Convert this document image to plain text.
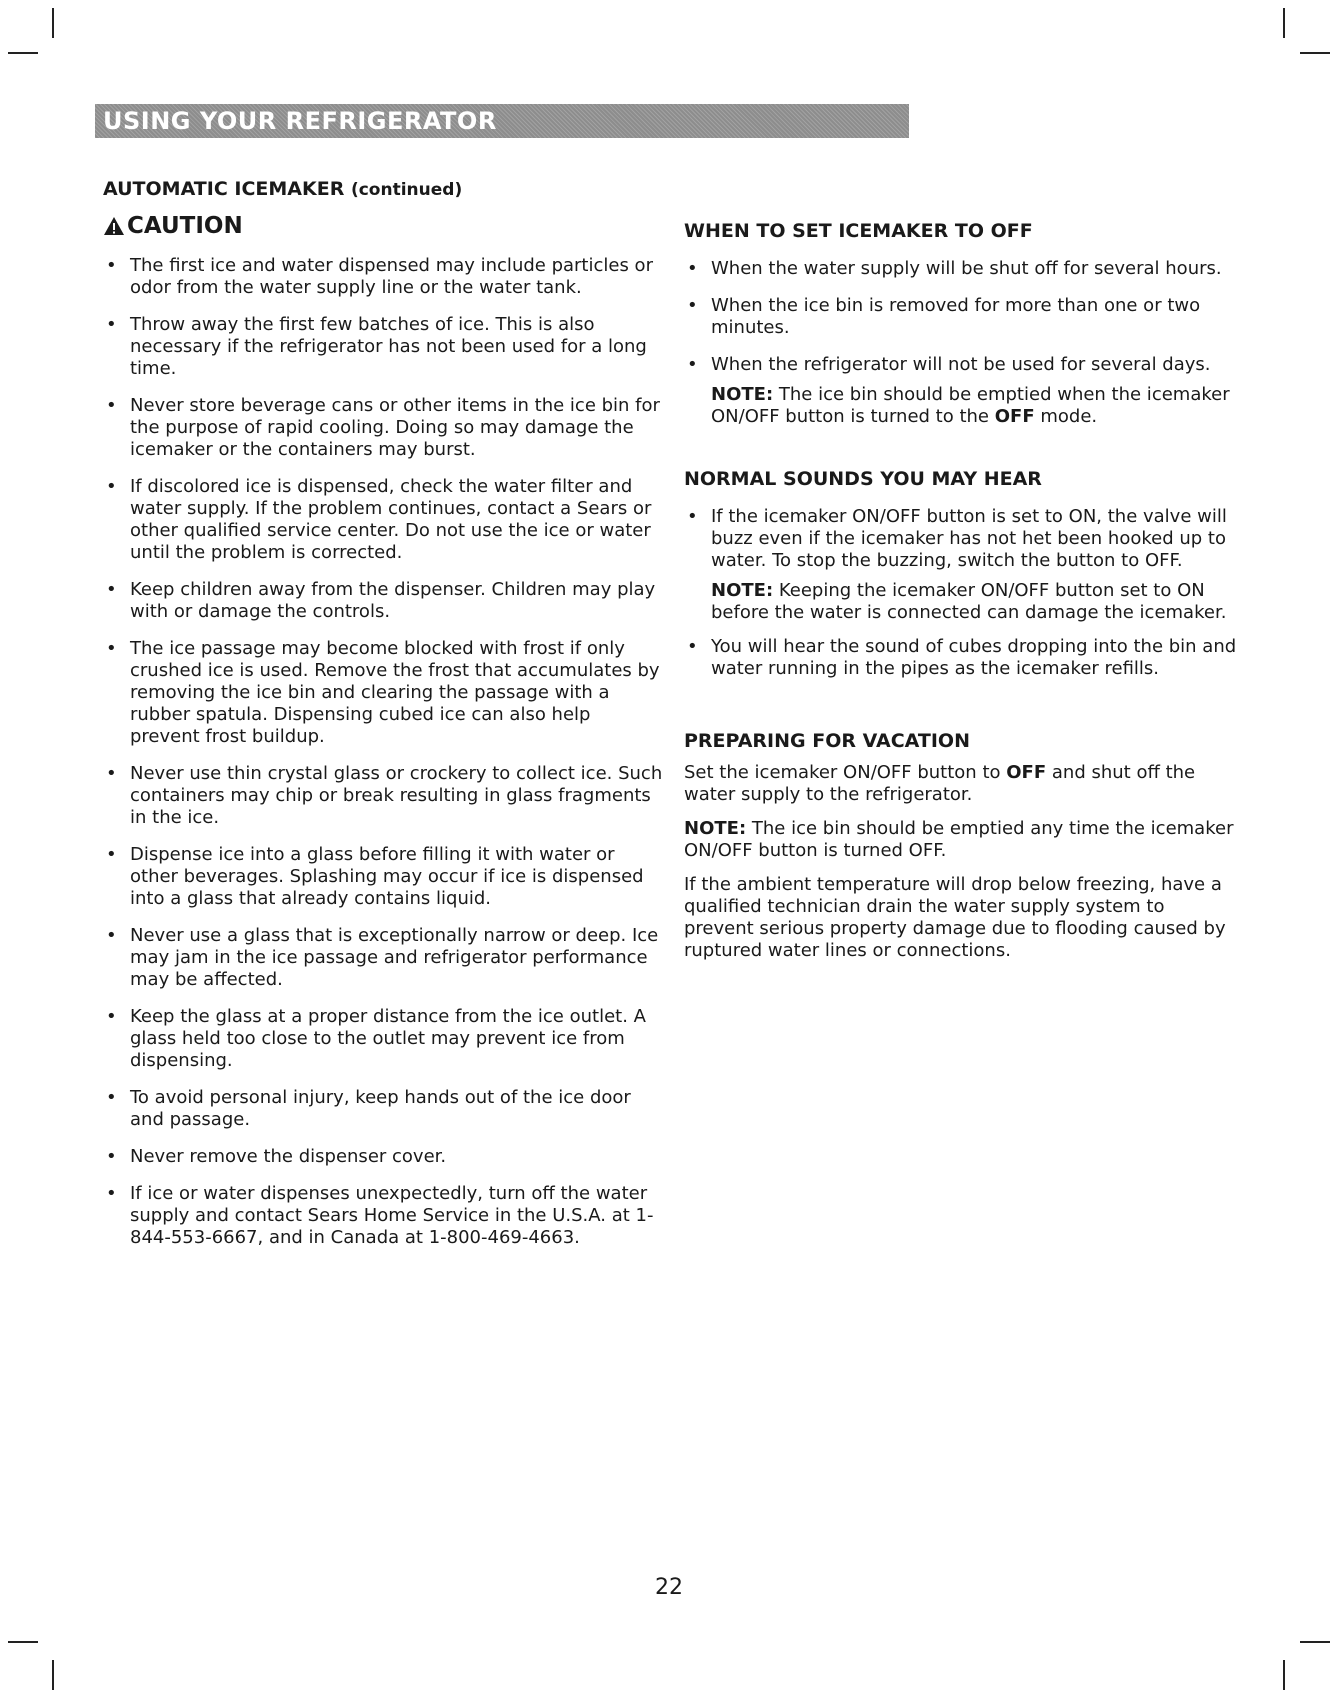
USING YOUR REFRIGERATOR
AUTOMATIC ICEMAKER (continued)
CAUTION
• The first ice and water dispensed may include particles or odor from the water supply line or the water tank.
• Throw away the first few batches of ice. This is also necessary if the refrigerator has not been used for a long time.
• Never store beverage cans or other items in the ice bin for the purpose of rapid cooling. Doing so may damage the icemaker or the containers may burst.
• If discolored ice is dispensed, check the water filter and water supply. If the problem continues, contact a Sears or other qualified service center. Do not use the ice or water until the problem is corrected.
• Keep children away from the dispenser. Children may play with or damage the controls.
• The ice passage may become blocked with frost if only crushed ice is used. Remove the frost that accumulates by removing the ice bin and clearing the passage with a rubber spatula. Dispensing cubed ice can also help prevent frost buildup.
• Never use thin crystal glass or crockery to collect ice. Such containers may chip or break resulting in glass fragments in the ice.
• Dispense ice into a glass before filling it with water or other beverages. Splashing may occur if ice is dispensed into a glass that already contains liquid.
• Never use a glass that is exceptionally narrow or deep. Ice may jam in the ice passage and refrigerator performance may be affected.
• Keep the glass at a proper distance from the ice outlet. A glass held too close to the outlet may prevent ice from dispensing.
• To avoid personal injury, keep hands out of the ice door and passage.
• Never remove the dispenser cover.
• If ice or water dispenses unexpectedly, turn off the water supply and contact Sears Home Service in the U.S.A. at 1-844-553-6667, and in Canada at 1-800-469-4663.
WHEN TO SET ICEMAKER TO OFF
• When the water supply will be shut off for several hours.
• When the ice bin is removed for more than one or two minutes.
• When the refrigerator will not be used for several days.
NOTE: The ice bin should be emptied when the icemaker ON/OFF button is turned to the OFF mode.
NORMAL SOUNDS YOU MAY HEAR
• If the icemaker ON/OFF button is set to ON, the valve will buzz even if the icemaker has not het been hooked up to water. To stop the buzzing, switch the button to OFF.
NOTE: Keeping the icemaker ON/OFF button set to ON before the water is connected can damage the icemaker.
• You will hear the sound of cubes dropping into the bin and water running in the pipes as the icemaker refills.
PREPARING FOR VACATION

Set the icemaker ON/OFF button to OFF and shut off the water supply to the refrigerator.

NOTE: The ice bin should be emptied any time the icemaker ON/OFF button is turned OFF.

If the ambient temperature will drop below freezing, have a qualified technician drain the water supply system to prevent serious property damage due to flooding caused by ruptured water lines or connections.

22
